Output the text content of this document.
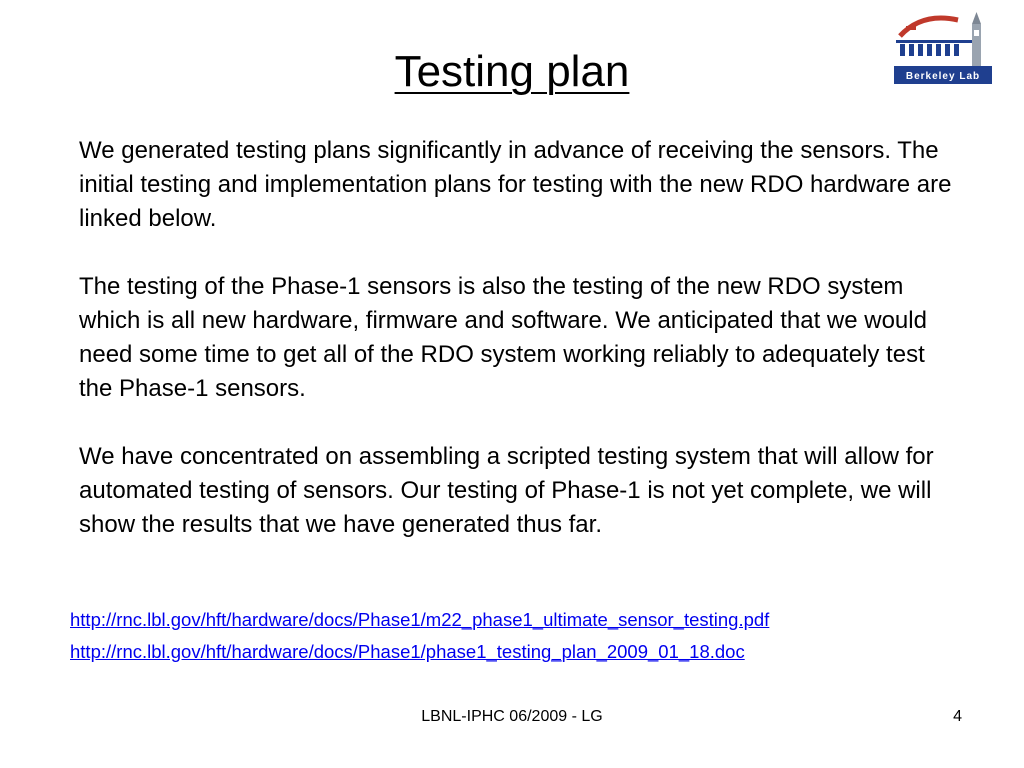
Testing plan	Berkeley Lab

We generated testing plans significantly in advance of receiving the sensors. The initial testing and implementation plans for testing with the new RDO hardware are linked below.

The testing of the Phase-1 sensors is also the testing of the new RDO system which is all new hardware, firmware and software. We anticipated that we would need some time to get all of the RDO system working reliably to adequately test the Phase-1 sensors.

We have concentrated on assembling a scripted testing system that will allow for automated testing of sensors. Our testing of Phase-1 is not yet complete, we will show the results that we have generated thus far.

http://rnc.lbl.gov/hft/hardware/docs/Phase1/m22_phase1_ultimate_sensor_testing.pdf
http://rnc.lbl.gov/hft/hardware/docs/Phase1/phase1_testing_plan_2009_01_18.doc
LBNL-IPHC 06/2009 - LG	4
